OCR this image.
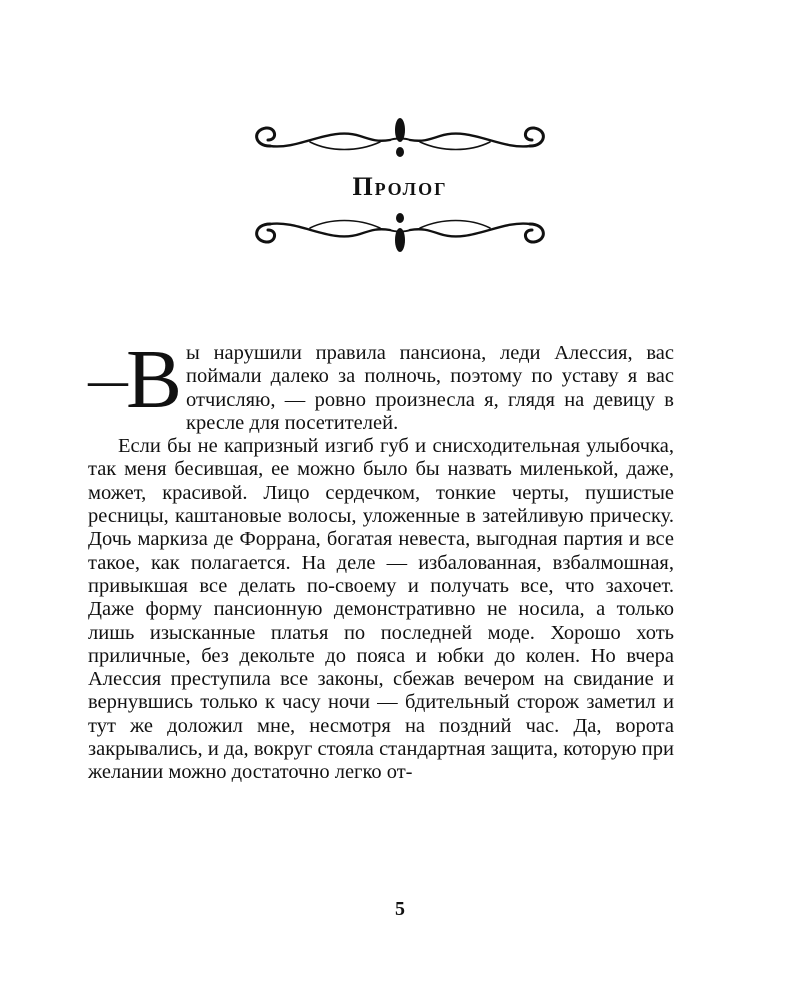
Пролог

— В ы нарушили правила пансиона, леди Алессия, вас поймали далеко за полночь, поэтому по уставу я вас отчисляю, — ровно произнесла я, глядя на девицу в кресле для посетителей.

Если бы не капризный изгиб губ и снисходительная улыбочка, так меня бесившая, ее можно было бы назвать миленькой, даже, может, красивой. Лицо сердечком, тонкие черты, пушистые ресницы, каштановые волосы, уложенные в затейливую прическу. Дочь маркиза де Форрана, богатая невеста, выгодная партия и все такое, как полагается. На деле — избалованная, взбалмошная, привыкшая все делать по-своему и получать все, что захочет. Даже форму пансионную демонстративно не носила, а только лишь изысканные платья по последней моде. Хорошо хоть приличные, без декольте до пояса и юбки до колен. Но вчера Алессия преступила все законы, сбежав вечером на свидание и вернувшись только к часу ночи — бдительный сторож заметил и тут же доложил мне, несмотря на поздний час. Да, ворота закрывались, и да, вокруг стояла стандартная защита, которую при желании можно достаточно легко от-

5
